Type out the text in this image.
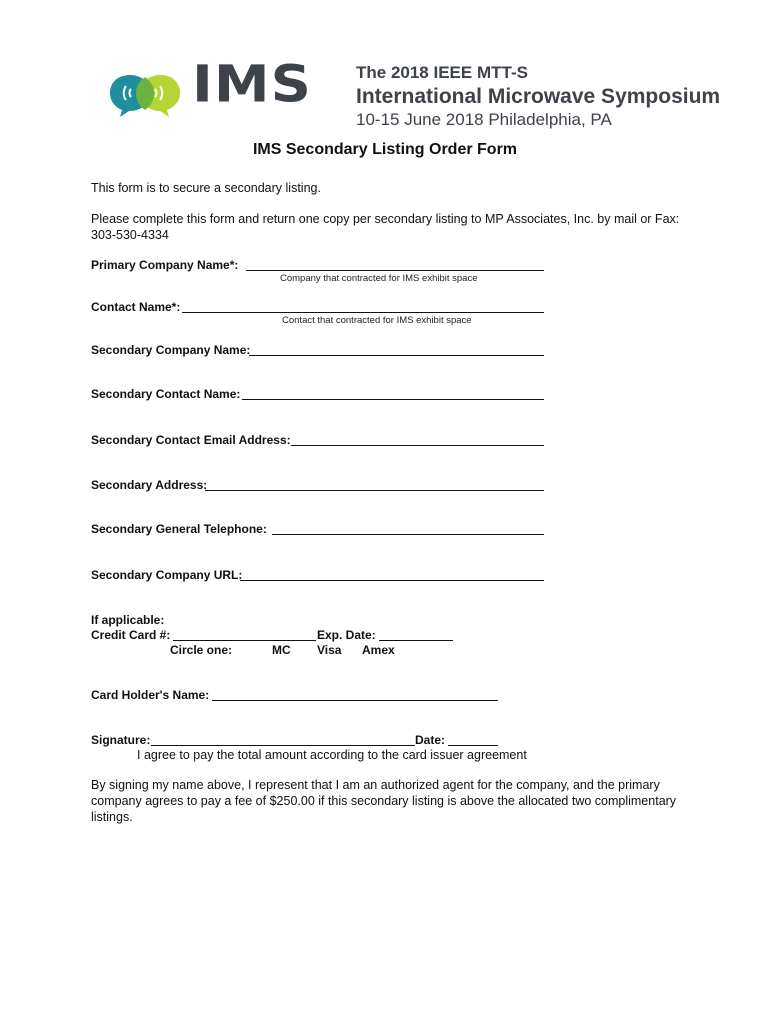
IMS	The 2018 IEEE MTT-S
International Microwave Symposium
10-15 June 2018 Philadelphia, PA
IMS Secondary Listing Order Form
This form is to secure a secondary listing.
Please complete this form and return one copy per secondary listing to MP Associates, Inc. by mail or Fax: 303-530-4334
Primary Company Name*:
Company that contracted for IMS exhibit space
Contact Name*:
Contact that contracted for IMS exhibit space
Secondary Company Name:
Secondary Contact Name:
Secondary Contact Email Address:
Secondary Address:
Secondary General Telephone:
Secondary Company URL:
If applicable:
Credit Card #:	Exp. Date:
Circle one:	MC Visa Amex
Card Holder's Name:
Signature:	Date:
I agree to pay the total amount according to the card issuer agreement
By signing my name above, I represent that I am an authorized agent for the company, and the primary company agrees to pay a fee of $250.00 if this secondary listing is above the allocated two complimentary listings.
